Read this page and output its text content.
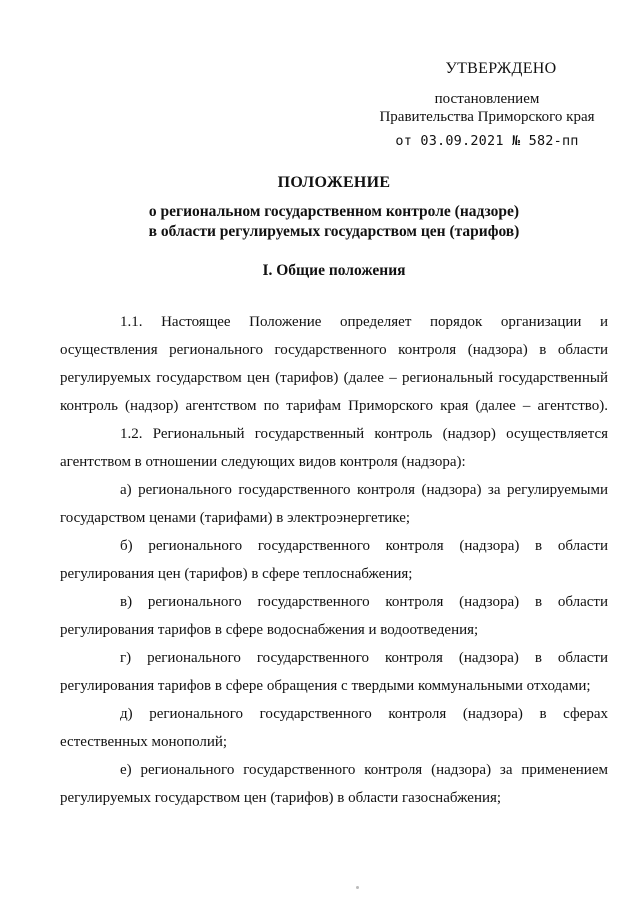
УТВЕРЖДЕНО
постановлением
Правительства Приморского края
от 03.09.2021 № 582-пп
ПОЛОЖЕНИЕ
о региональном государственном контроле (надзоре)
в области регулируемых государством цен (тарифов)
I. Общие положения

1.1. Настоящее Положение определяет порядок организации и осуществления регионального государственного контроля (надзора) в области регулируемых государством цен (тарифов) (далее – региональный государственный контроль (надзор) агентством по тарифам Приморского края (далее – агентство).

1.2. Региональный государственный контроль (надзор) осуществляется агентством в отношении следующих видов контроля (надзора):

а) регионального государственного контроля (надзора) за регулируемыми государством ценами (тарифами) в электроэнергетике;

б) регионального государственного контроля (надзора) в области регулирования цен (тарифов) в сфере теплоснабжения;

в) регионального государственного контроля (надзора) в области регулирования тарифов в сфере водоснабжения и водоотведения;

г) регионального государственного контроля (надзора) в области регулирования тарифов в сфере обращения с твердыми коммунальными отходами;

д) регионального государственного контроля (надзора) в сферах естественных монополий;

е) регионального государственного контроля (надзора) за применением регулируемых государством цен (тарифов) в области газоснабжения;
